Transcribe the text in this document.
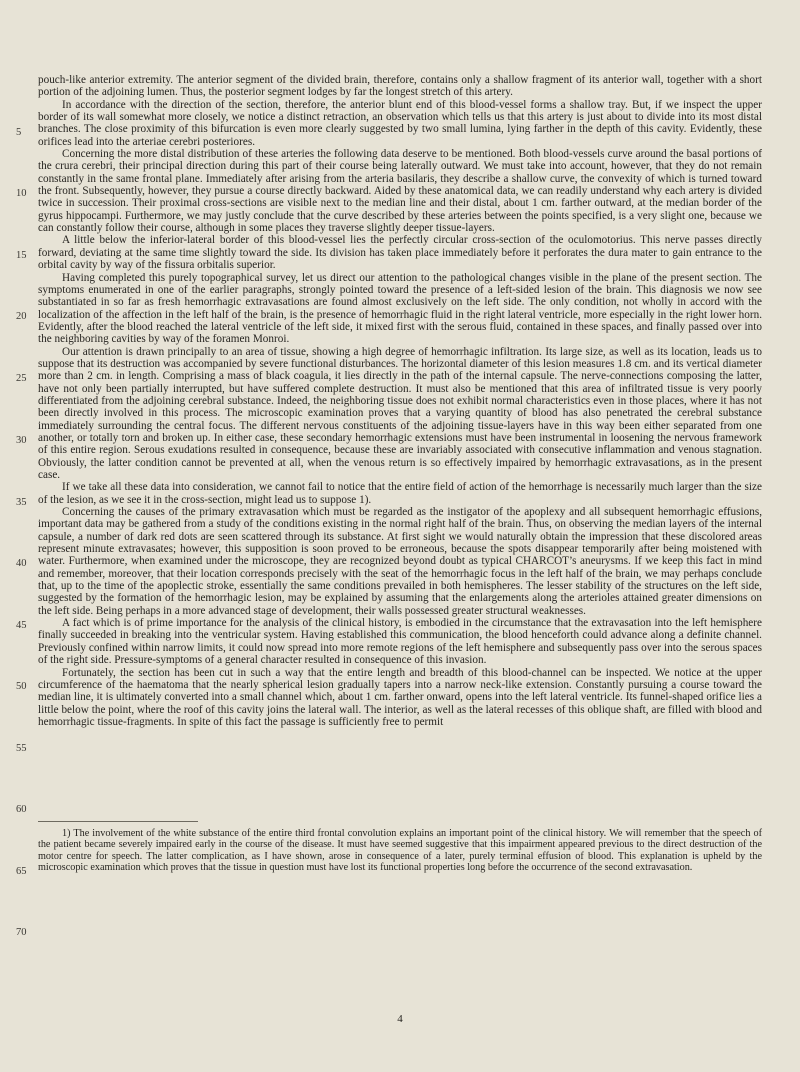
5
10
15
20
25
30
35
40
45
50
55
60
65
70

pouch-like anterior extremity. The anterior segment of the divided brain, therefore, contains only a shallow fragment of its anterior wall, together with a short portion of the adjoining lumen. Thus, the posterior segment lodges by far the longest stretch of this artery.

In accordance with the direction of the section, therefore, the anterior blunt end of this blood-vessel forms a shallow tray. But, if we inspect the upper border of its wall somewhat more closely, we notice a distinct retraction, an observation which tells us that this artery is just about to divide into its most distal branches. The close proximity of this bifurcation is even more clearly suggested by two small lumina, lying farther in the depth of this cavity. Evidently, these orifices lead into the arteriae cerebri posteriores.

Concerning the more distal distribution of these arteries the following data deserve to be mentioned. Both blood-vessels curve around the basal portions of the crura cerebri, their principal direction during this part of their course being laterally outward. We must take into account, however, that they do not remain constantly in the same frontal plane. Immediately after arising from the arteria basilaris, they describe a shallow curve, the convexity of which is turned toward the front. Subsequently, however, they pursue a course directly backward. Aided by these anatomical data, we can readily understand why each artery is divided twice in succession. Their proximal cross-sections are visible next to the median line and their distal, about 1 cm. farther outward, at the median border of the gyrus hippocampi. Furthermore, we may justly conclude that the curve described by these arteries between the points specified, is a very slight one, because we can constantly follow their course, although in some places they traverse slightly deeper tissue-layers.

A little below the inferior-lateral border of this blood-vessel lies the perfectly circular cross-section of the oculomotorius. This nerve passes directly forward, deviating at the same time slightly toward the side. Its division has taken place immediately before it perforates the dura mater to gain entrance to the orbital cavity by way of the fissura orbitalis superior.

Having completed this purely topographical survey, let us direct our attention to the pathological changes visible in the plane of the present section. The symptoms enumerated in one of the earlier paragraphs, strongly pointed toward the presence of a left-sided lesion of the brain. This diagnosis we now see substantiated in so far as fresh hemorrhagic extravasations are found almost exclusively on the left side. The only condition, not wholly in accord with the localization of the affection in the left half of the brain, is the presence of hemorrhagic fluid in the right lateral ventricle, more especially in the right lower horn. Evidently, after the blood reached the lateral ventricle of the left side, it mixed first with the serous fluid, contained in these spaces, and finally passed over into the neighboring cavities by way of the foramen Monroi.

Our attention is drawn principally to an area of tissue, showing a high degree of hemorrhagic infiltration. Its large size, as well as its location, leads us to suppose that its destruction was accompanied by severe functional disturbances. The horizontal diameter of this lesion measures 1.8 cm. and its vertical diameter more than 2 cm. in length. Comprising a mass of black coagula, it lies directly in the path of the internal capsule. The nerve-connections composing the latter, have not only been partially interrupted, but have suffered complete destruction. It must also be mentioned that this area of infiltrated tissue is very poorly differentiated from the adjoining cerebral substance. Indeed, the neighboring tissue does not exhibit normal characteristics even in those places, where it has not been directly involved in this process. The microscopic examination proves that a varying quantity of blood has also penetrated the cerebral substance immediately surrounding the central focus. The different nervous constituents of the adjoining tissue-layers have in this way been either separated from one another, or totally torn and broken up. In either case, these secondary hemorrhagic extensions must have been instrumental in loosening the nervous framework of this entire region. Serous exudations resulted in consequence, because these are invariably associated with consecutive inflammation and venous stagnation. Obviously, the latter condition cannot be prevented at all, when the venous return is so effectively impaired by hemorrhagic extravasations, as in the present case.

If we take all these data into consideration, we cannot fail to notice that the entire field of action of the hemorrhage is necessarily much larger than the size of the lesion, as we see it in the cross-section, might lead us to suppose 1).

Concerning the causes of the primary extravasation which must be regarded as the instigator of the apoplexy and all subsequent hemorrhagic effusions, important data may be gathered from a study of the conditions existing in the normal right half of the brain. Thus, on observing the median layers of the internal capsule, a number of dark red dots are seen scattered through its substance. At first sight we would naturally obtain the impression that these discolored areas represent minute extravasates; however, this supposition is soon proved to be erroneous, because the spots disappear temporarily after being moistened with water. Furthermore, when examined under the microscope, they are recognized beyond doubt as typical CHARCOT’s aneurysms. If we keep this fact in mind and remember, moreover, that their location corresponds precisely with the seat of the hemorrhagic focus in the left half of the brain, we may perhaps conclude that, up to the time of the apoplectic stroke, essentially the same conditions prevailed in both hemispheres. The lesser stability of the structures on the left side, suggested by the formation of the hemorrhagic lesion, may be explained by assuming that the enlargements along the arterioles attained greater dimensions on the left side. Being perhaps in a more advanced stage of development, their walls possessed greater structural weaknesses.

A fact which is of prime importance for the analysis of the clinical history, is embodied in the circumstance that the extravasation into the left hemisphere finally succeeded in breaking into the ventricular system. Having established this communication, the blood henceforth could advance along a definite channel. Previously confined within narrow limits, it could now spread into more remote regions of the left hemisphere and subsequently pass over into the serous spaces of the right side. Pressure-symptoms of a general character resulted in consequence of this invasion.

Fortunately, the section has been cut in such a way that the entire length and breadth of this blood-channel can be inspected. We notice at the upper circumference of the haematoma that the nearly spherical lesion gradually tapers into a narrow neck-like extension. Constantly pursuing a course toward the median line, it is ultimately converted into a small channel which, about 1 cm. farther onward, opens into the left lateral ventricle. Its funnel-shaped orifice lies a little below the point, where the roof of this cavity joins the lateral wall. The interior, as well as the lateral recesses of this oblique shaft, are filled with blood and hemorrhagic tissue-fragments. In spite of this fact the passage is sufficiently free to permit

1) The involvement of the white substance of the entire third frontal convolution explains an important point of the clinical history. We will remember that the speech of the patient became severely impaired early in the course of the disease. It must have seemed suggestive that this impairment appeared previous to the direct destruction of the motor centre for speech. The latter complication, as I have shown, arose in consequence of a later, purely terminal effusion of blood. This explanation is upheld by the microscopic examination which proves that the tissue in question must have lost its functional properties long before the occurrence of the second extravasation.

4
